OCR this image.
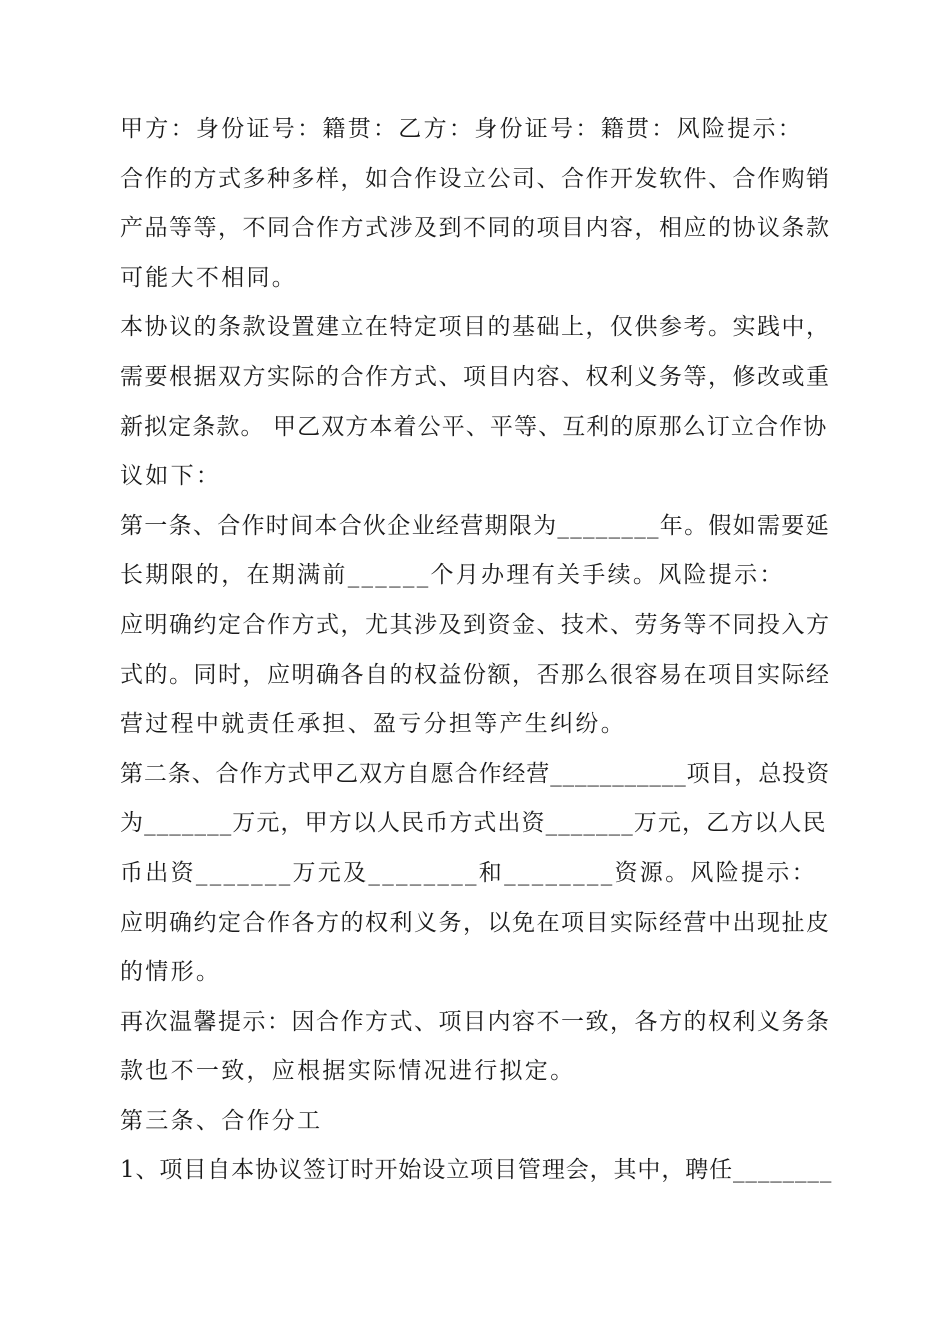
甲方：身份证号：籍贯：乙方：身份证号：籍贯：风险提示：
合作的方式多种多样，如合作设立公司、合作开发软件、合作购销
产品等等，不同合作方式涉及到不同的项目内容，相应的协议条款
可能大不相同。
本协议的条款设置建立在特定项目的基础上，仅供参考。实践中，
需要根据双方实际的合作方式、项目内容、权利义务等，修改或重
新拟定条款。 甲乙双方本着公平、平等、互利的原那么订立合作协
议如下：
第一条、合作时间本合伙企业经营期限为________年。假如需要延
长期限的，在期满前______个月办理有关手续。风险提示：
应明确约定合作方式，尤其涉及到资金、技术、劳务等不同投入方
式的。同时，应明确各自的权益份额，否那么很容易在项目实际经
营过程中就责任承担、盈亏分担等产生纠纷。
第二条、合作方式甲乙双方自愿合作经营___________项目，总投资
为_______万元，甲方以人民币方式出资_______万元，乙方以人民
币出资_______万元及________和________资源。风险提示：
应明确约定合作各方的权利义务，以免在项目实际经营中出现扯皮
的情形。
再次温馨提示：因合作方式、项目内容不一致，各方的权利义务条
款也不一致，应根据实际情况进行拟定。
第三条、合作分工
1、项目自本协议签订时开始设立项目管理会，其中，聘任________
